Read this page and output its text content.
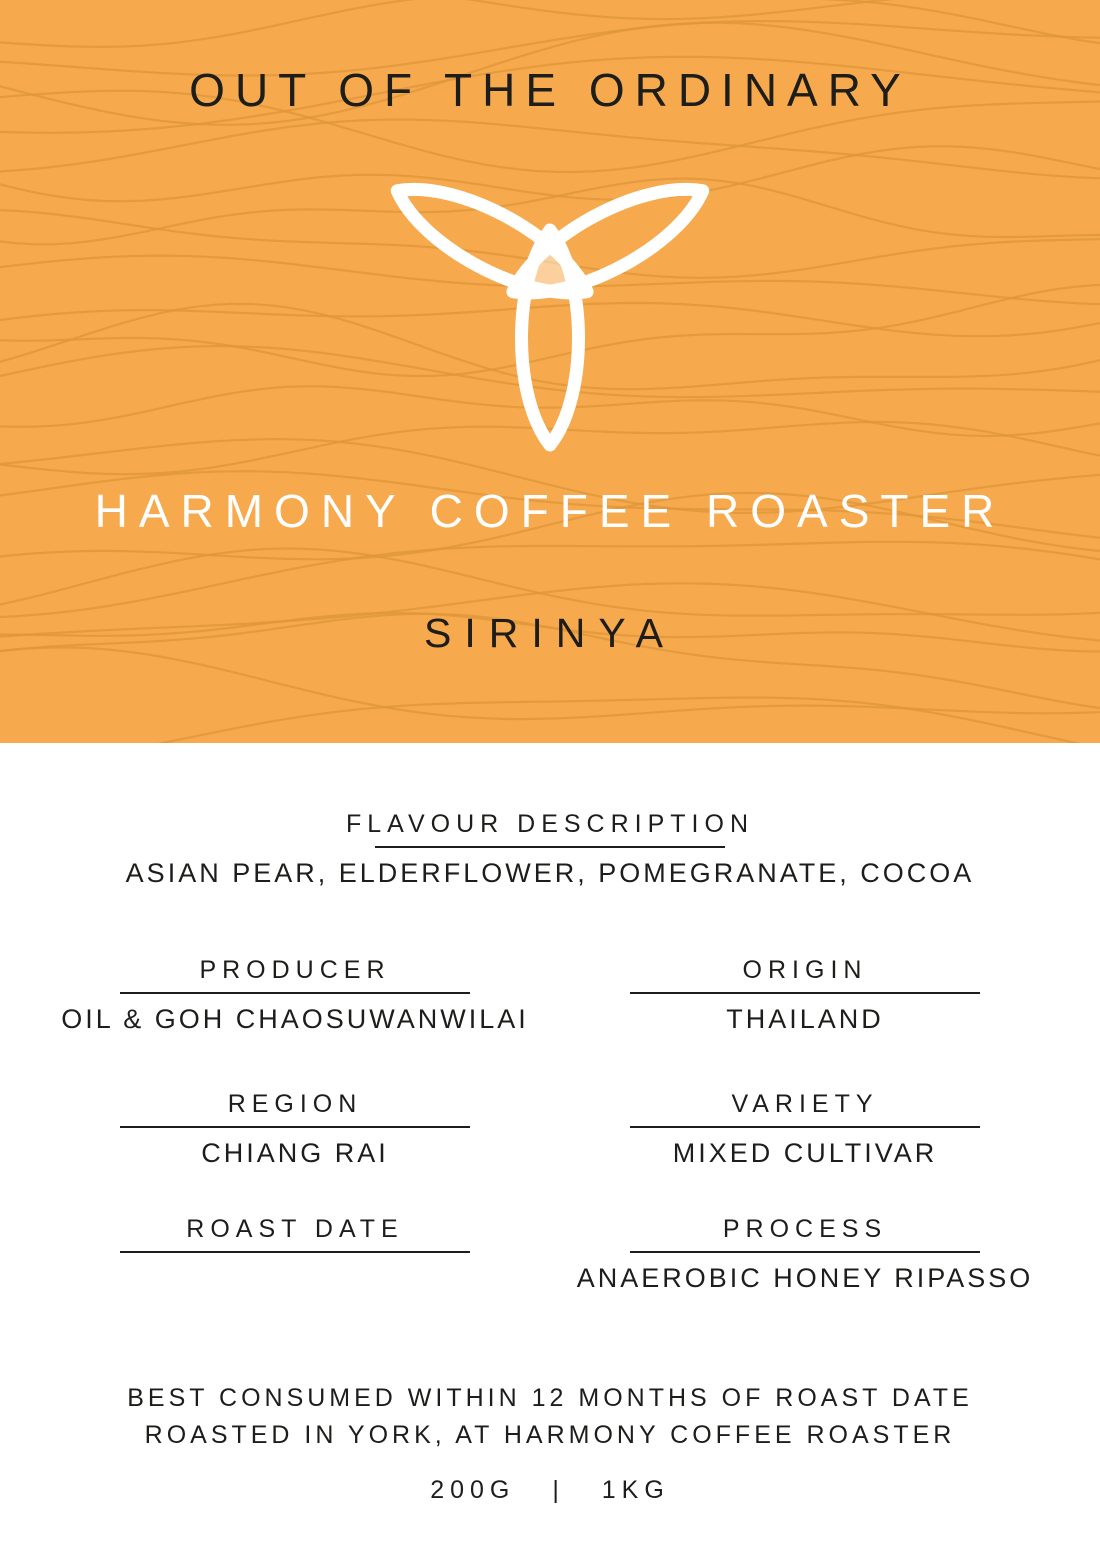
OUT OF THE ORDINARY
HARMONY COFFEE ROASTER
SIRINYA
FLAVOUR DESCRIPTION
ASIAN PEAR, ELDERFLOWER, POMEGRANATE, COCOA
PRODUCER
OIL & GOH CHAOSUWANWILAI
ORIGIN
THAILAND
REGION
CHIANG RAI
VARIETY
MIXED CULTIVAR
ROAST DATE	PROCESS
ANAEROBIC HONEY RIPASSO
BEST CONSUMED WITHIN 12 MONTHS OF ROAST DATE
ROASTED IN YORK, AT HARMONY COFFEE ROASTER
200G | 1KG
